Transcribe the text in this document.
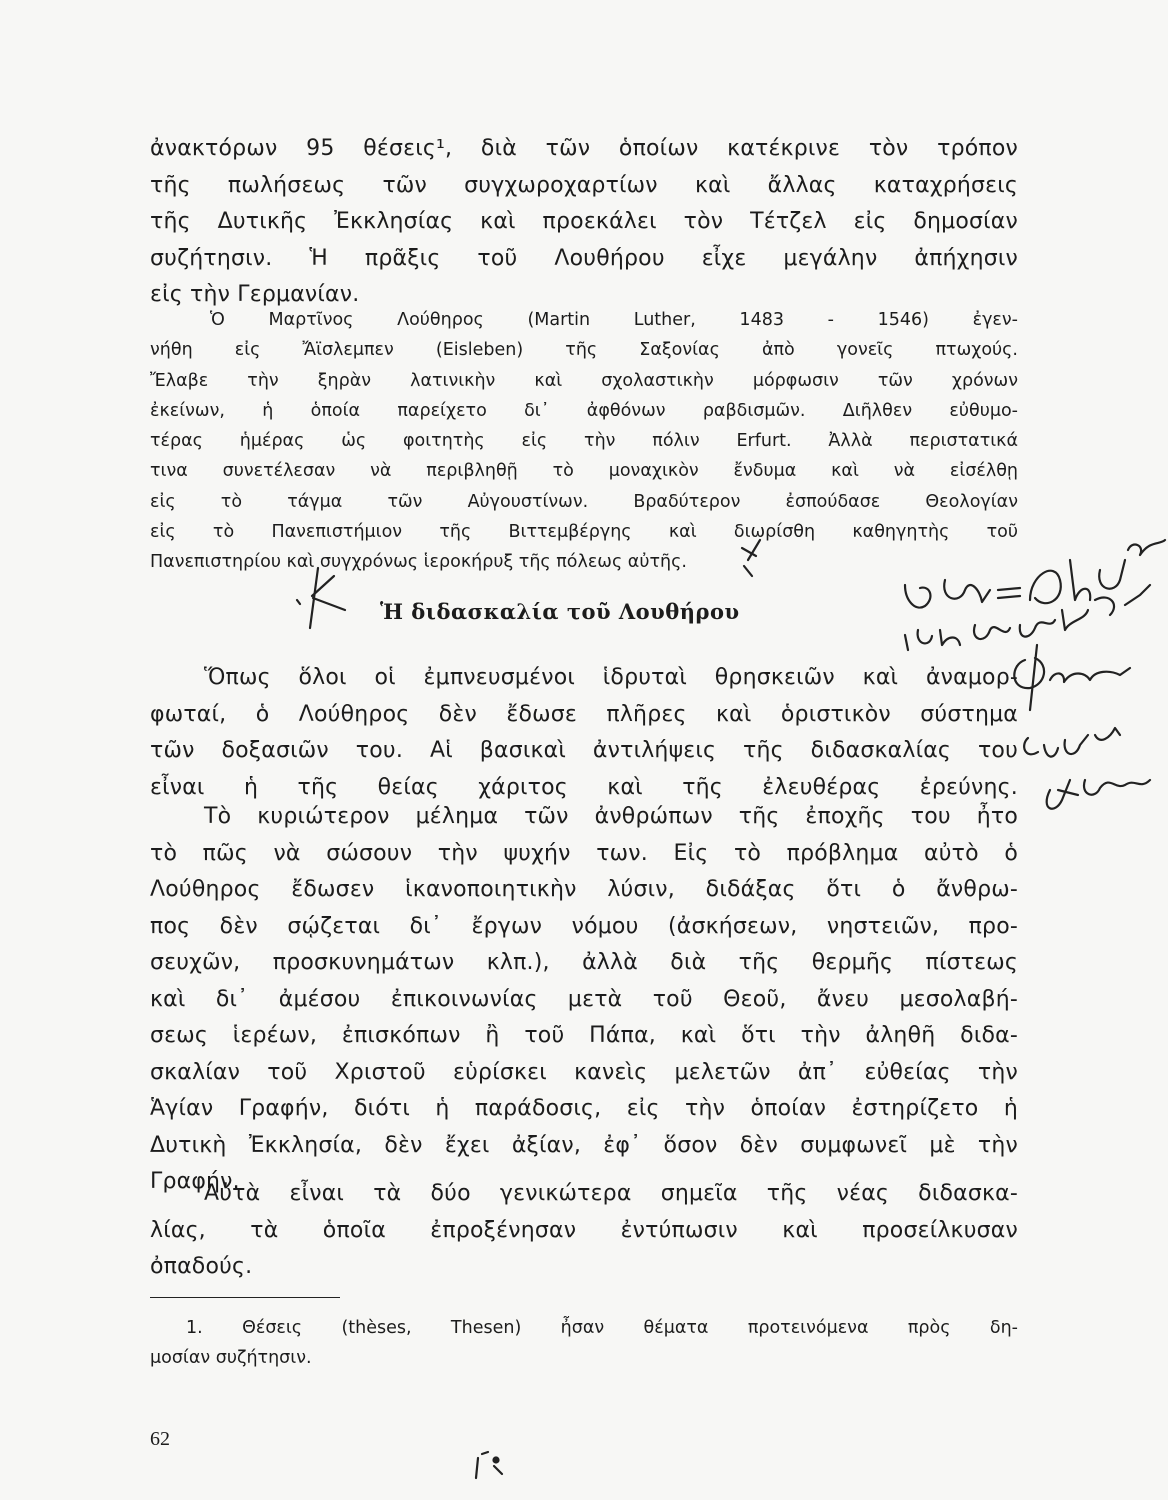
ἀνακτόρων 95 θέσεις¹, διὰ τῶν ὁποίων κατέκρινε τὸν τρόπον
τῆς πωλήσεως τῶν συγχωροχαρτίων καὶ ἄλλας καταχρήσεις
τῆς Δυτικῆς Ἐκκλησίας καὶ προεκάλει τὸν Τέτζελ εἰς δημοσίαν
συζήτησιν. Ἡ πρᾶξις τοῦ Λουθήρου εἶχε μεγάλην ἀπήχησιν
εἰς τὴν Γερμανίαν.
Ὁ Μαρτῖνος Λούθηρος (Martin Luther, 1483 - 1546) ἐγεν-
νήθη εἰς Ἄϊσλεμπεν (Eisleben) τῆς Σαξονίας ἀπὸ γονεῖς πτωχούς.
Ἔλαβε τὴν ξηρὰν λατινικὴν καὶ σχολαστικὴν μόρφωσιν τῶν χρόνων
ἐκείνων, ἡ ὁποία παρείχετο δι᾿ ἀφθόνων ραβδισμῶν. Διῆλθεν εὐθυμο-
τέρας ἡμέρας ὡς φοιτητὴς εἰς τὴν πόλιν Erfurt. Ἀλλὰ περιστατικά
τινα συνετέλεσαν νὰ περιβληθῇ τὸ μοναχικὸν ἔνδυμα καὶ νὰ εἰσέλθῃ
εἰς τὸ τάγμα τῶν Αὐγουστίνων. Βραδύτερον ἐσπούδασε Θεολογίαν
εἰς τὸ Πανεπιστήμιον τῆς Βιττεμβέργης καὶ διωρίσθη καθηγητὴς τοῦ
Πανεπιστηρίου καὶ συγχρόνως ἱεροκήρυξ τῆς πόλεως αὐτῆς.
Ἡ διδασκαλία τοῦ Λουθήρου
Ὅπως ὅλοι οἱ ἐμπνευσμένοι ἱδρυταὶ θρησκειῶν καὶ ἀναμορ-
φωταί, ὁ Λούθηρος δὲν ἔδωσε πλῆρες καὶ ὁριστικὸν σύστημα
τῶν δοξασιῶν του. Αἱ βασικαὶ ἀντιλήψεις τῆς διδασκαλίας του
εἶναι ἡ τῆς θείας χάριτος καὶ τῆς ἐλευθέρας ἐρεύνης.
Τὸ κυριώτερον μέλημα τῶν ἀνθρώπων τῆς ἐποχῆς του ἦτο
τὸ πῶς νὰ σώσουν τὴν ψυχήν των. Εἰς τὸ πρόβλημα αὐτὸ ὁ
Λούθηρος ἔδωσεν ἱκανοποιητικὴν λύσιν, διδάξας ὅτι ὁ ἄνθρω-
πος δὲν σῴζεται δι᾿ ἔργων νόμου (ἀσκήσεων, νηστειῶν, προ-
σευχῶν, προσκυνημάτων κλπ.), ἀλλὰ διὰ τῆς θερμῆς πίστεως
καὶ δι᾿ ἀμέσου ἐπικοινωνίας μετὰ τοῦ Θεοῦ, ἄνευ μεσολαβή-
σεως ἱερέων, ἐπισκόπων ἢ τοῦ Πάπα, καὶ ὅτι τὴν ἀληθῆ διδα-
σκαλίαν τοῦ Χριστοῦ εὑρίσκει κανεὶς μελετῶν ἀπ᾿ εὐθείας τὴν
Ἁγίαν Γραφήν, διότι ἡ παράδοσις, εἰς τὴν ὁποίαν ἐστηρίζετο ἡ
Δυτικὴ Ἐκκλησία, δὲν ἔχει ἀξίαν, ἐφ᾿ ὅσον δὲν συμφωνεῖ μὲ τὴν
Γραφήν.
Αὐτὰ εἶναι τὰ δύο γενικώτερα σημεῖα τῆς νέας διδασκα-
λίας, τὰ ὁποῖα ἐπροξένησαν ἐντύπωσιν καὶ προσείλκυσαν
ὀπαδούς.
1. Θέσεις (thèses, Thesen) ἦσαν θέματα προτεινόμενα πρὸς δη-
μοσίαν συζήτησιν.
62
